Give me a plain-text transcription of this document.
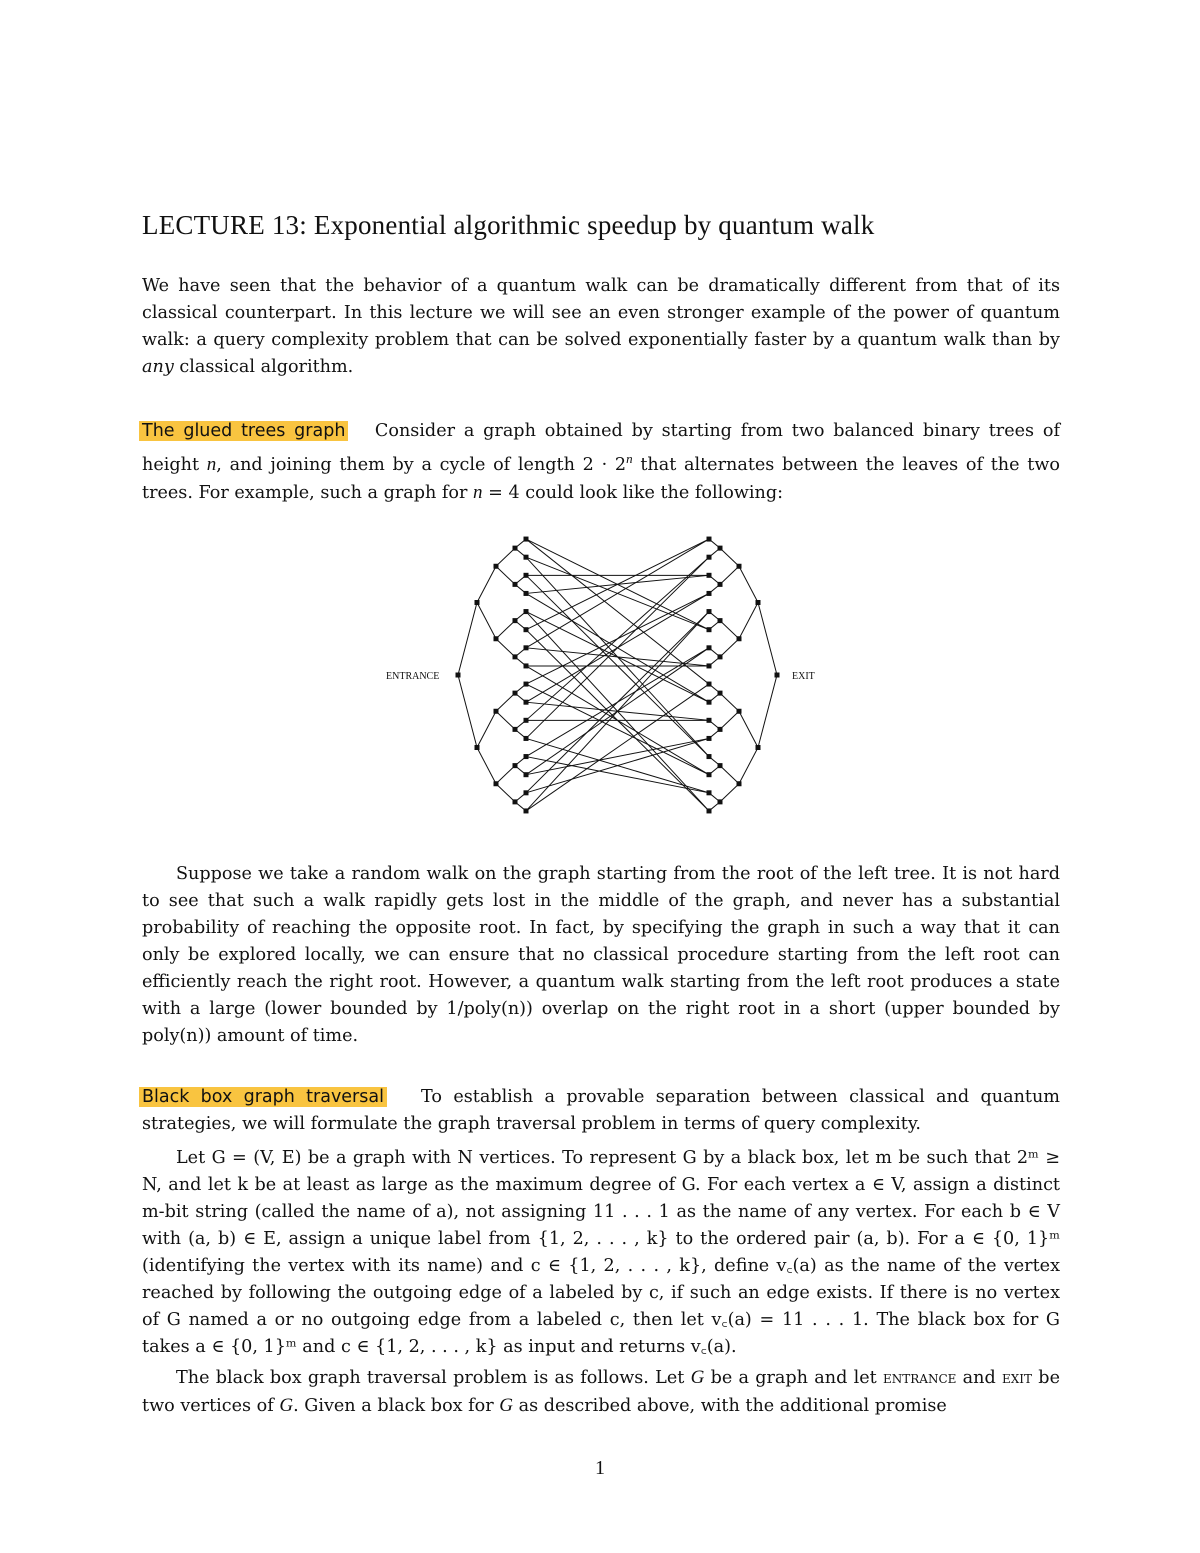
LECTURE 13: Exponential algorithmic speedup by quantum walk
We have seen that the behavior of a quantum walk can be dramatically different from that of its classical counterpart. In this lecture we will see an even stronger example of the power of quantum walk: a query complexity problem that can be solved exponentially faster by a quantum walk than by any classical algorithm.
The glued trees graph Consider a graph obtained by starting from two balanced binary trees of height n, and joining them by a cycle of length $2 \cdot 2^n$ that alternates between the leaves of the two trees. For example, such a graph for n = 4 could look like the following:
ENTRANCE	EXIT
Suppose we take a random walk on the graph starting from the root of the left tree. It is not hard to see that such a walk rapidly gets lost in the middle of the graph, and never has a substantial probability of reaching the opposite root. In fact, by specifying the graph in such a way that it can only be explored locally, we can ensure that no classical procedure starting from the left root can efficiently reach the right root. However, a quantum walk starting from the left root produces a state with a large (lower bounded by 1/poly(n)) overlap on the right root in a short (upper bounded by poly(n)) amount of time.
Black box graph traversal To establish a provable separation between classical and quantum strategies, we will formulate the graph traversal problem in terms of query complexity.
Let G = (V, E) be a graph with N vertices. To represent G by a black box, let m be such that 2ᵐ ≥ N, and let k be at least as large as the maximum degree of G. For each vertex a ∈ V, assign a distinct m-bit string (called the name of a), not assigning 11 . . . 1 as the name of any vertex. For each b ∈ V with (a, b) ∈ E, assign a unique label from {1, 2, . . . , k} to the ordered pair (a, b). For a ∈ {0, 1}ᵐ (identifying the vertex with its name) and c ∈ {1, 2, . . . , k}, define v꜀(a) as the name of the vertex reached by following the outgoing edge of a labeled by c, if such an edge exists. If there is no vertex of G named a or no outgoing edge from a labeled c, then let v꜀(a) = 11 . . . 1. The black box for G takes a ∈ {0, 1}ᵐ and c ∈ {1, 2, . . . , k} as input and returns v꜀(a).
The black box graph traversal problem is as follows. Let G be a graph and let entrance and exit be two vertices of G. Given a black box for G as described above, with the additional promise
1
